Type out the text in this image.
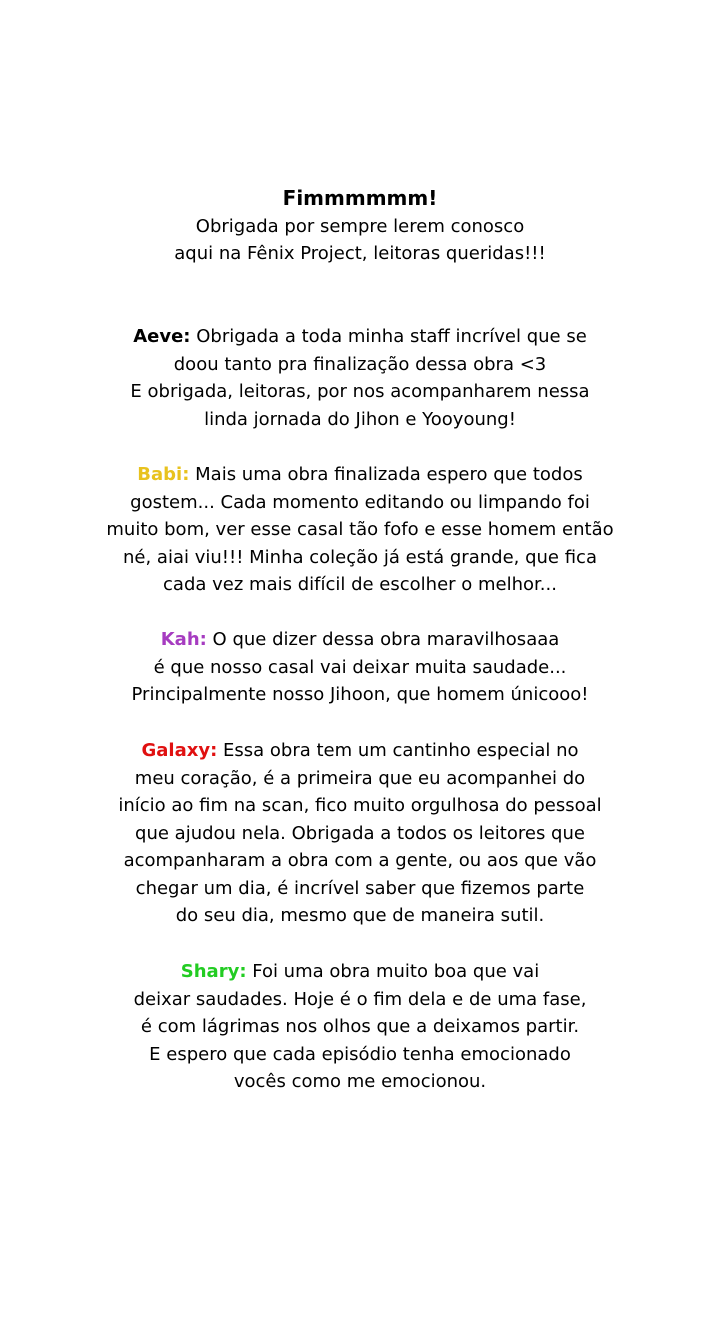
Fimmmmmm!
Obrigada por sempre lerem conosco
aqui na Fênix Project, leitoras queridas!!!
Aeve: Obrigada a toda minha staff incrível que se
doou tanto pra finalização dessa obra <3
E obrigada, leitoras, por nos acompanharem nessa
linda jornada do Jihon e Yooyoung!
Babi: Mais uma obra finalizada espero que todos
gostem... Cada momento editando ou limpando foi
muito bom, ver esse casal tão fofo e esse homem então
né, aiai viu!!! Minha coleção já está grande, que fica
cada vez mais difícil de escolher o melhor...
Kah: O que dizer dessa obra maravilhosaaa
é que nosso casal vai deixar muita saudade...
Principalmente nosso Jihoon, que homem únicooo!
Galaxy: Essa obra tem um cantinho especial no
meu coração, é a primeira que eu acompanhei do
início ao fim na scan, fico muito orgulhosa do pessoal
que ajudou nela. Obrigada a todos os leitores que
acompanharam a obra com a gente, ou aos que vão
chegar um dia, é incrível saber que fizemos parte
do seu dia, mesmo que de maneira sutil.
Shary: Foi uma obra muito boa que vai
deixar saudades. Hoje é o fim dela e de uma fase,
é com lágrimas nos olhos que a deixamos partir.
E espero que cada episódio tenha emocionado
vocês como me emocionou.
